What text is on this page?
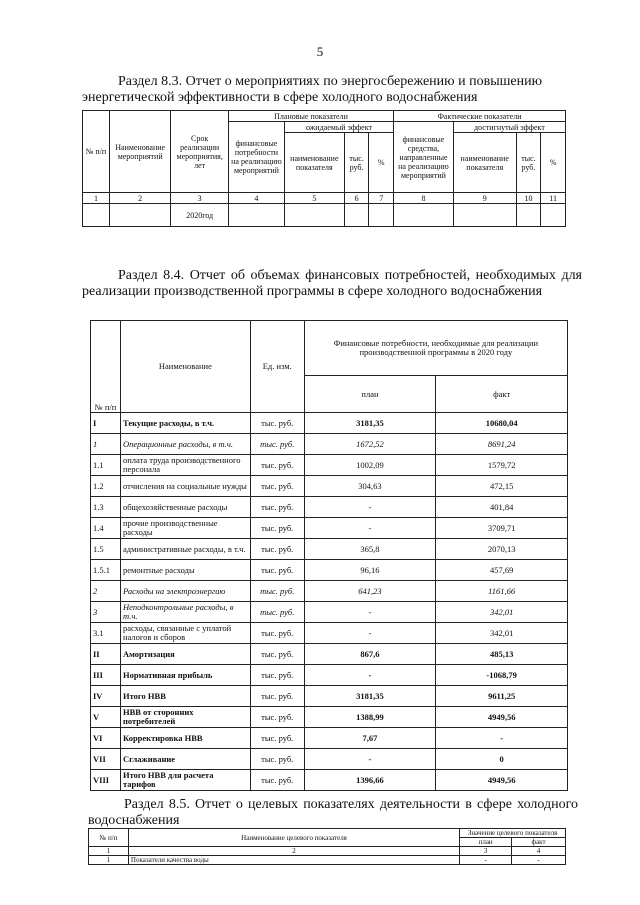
5
Раздел 8.3. Отчет о мероприятиях по энергосбережению и повышению
энергетической эффективности в сфере холодного водоснабжения
№ п/п	Наименование мероприятий	Срок реализации мероприятия, лет	Плановые показатели				Фактические показатели			
			финансовые потребности на реализацию мероприятий	ожидаемый эффект			финансовые средства, направленные на реализацию мероприятий	достигнутый эффект		
				наименование показателя	тыс. руб.	%		наименование показателя	тыс. руб.	%
1	2	3	4	5	6	7	8	9	10	11
		2020год								
Раздел 8.4. Отчет об объемах финансовых потребностей, необходимых для реализации производственной программы в сфере холодного водоснабжения
№ п/п	Наименование	Ед. изм.	Финансовые потребности, необходимые для реализации производственной программы в 2020 году	
			план	факт
I	Текущие расходы, в т.ч.	тыс. руб.	3181,35	10680,04
1	Операционные расходы, в т.ч.	тыс. руб.	1672,52	8691,24
1.1	оплата труда производственного персонала	тыс. руб.	1002,09	1579,72
1.2	отчисления на социальные нужды	тыс. руб.	304,63	472,15
1.3	общехозяйственные расходы	тыс. руб.	-	401,84
1.4	прочие производственные расходы	тыс. руб.	-	3709,71
1.5	административные расходы, в т.ч.	тыс. руб.	365,8	2070,13
1.5.1	ремонтные расходы	тыс. руб.	96,16	457,69
2	Расходы на электроэнергию	тыс. руб.	641,23	1161,66
3	Неподконтрольные расходы, в т.ч.	тыс. руб.	-	342,01
3.1	расходы, связанные с уплатой налогов и сборов	тыс. руб.	-	342,01
II	Амортизация	тыс. руб.	867,6	485,13
III	Нормативная прибыль	тыс. руб.	-	-1068,79
IV	Итого НВВ	тыс. руб.	3181,35	9611,25
V	НВВ от сторонних потребителей	тыс. руб.	1388,99	4949,56
VI	Корректировка НВВ	тыс. руб.	7,67	-
VII	Сглаживание	тыс. руб.	-	0
VIII	Итого НВВ для расчета тарифов	тыс. руб.	1396,66	4949,56
Раздел 8.5. Отчет о целевых показателях деятельности в сфере холодного водоснабжения
№ п/п	Наименование целевого показателя	Значение целевого показателя	
		план	факт
1	2	3	4
1	Показатели качества воды	-	-
